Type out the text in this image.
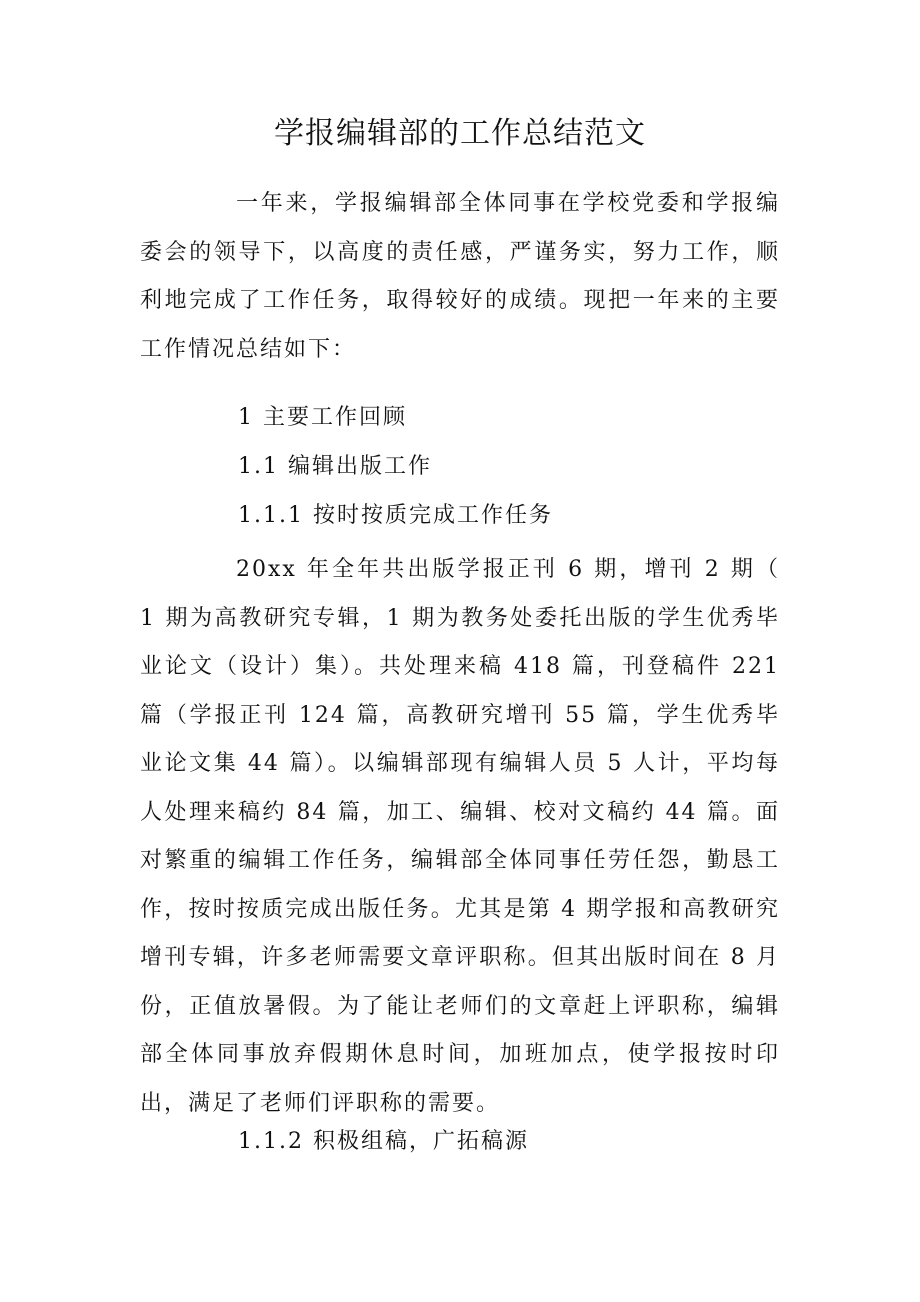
学报编辑部的工作总结范文

一年来，学报编辑部全体同事在学校党委和学报编委会的领导下，以高度的责任感，严谨务实，努力工作，顺利地完成了工作任务，取得较好的成绩。现把一年来的主要工作情况总结如下：

1 主要工作回顾
1.1 编辑出版工作
1.1.1 按时按质完成工作任务

20xx 年全年共出版学报正刊 6 期，增刊 2 期（ 1 期为高教研究专辑，1 期为教务处委托出版的学生优秀毕业论文（设计）集）。共处理来稿 418 篇，刊登稿件 221 篇（学报正刊 124 篇，高教研究增刊 55 篇，学生优秀毕业论文集 44 篇）。以编辑部现有编辑人员 5 人计，平均每人处理来稿约 84 篇，加工、编辑、校对文稿约 44 篇。面对繁重的编辑工作任务，编辑部全体同事任劳任怨，勤恳工作，按时按质完成出版任务。尤其是第 4 期学报和高教研究增刊专辑，许多老师需要文章评职称。但其出版时间在 8 月份，正值放暑假。为了能让老师们的文章赶上评职称，编辑部全体同事放弃假期休息时间，加班加点，使学报按时印出，满足了老师们评职称的需要。

1.1.2 积极组稿，广拓稿源
